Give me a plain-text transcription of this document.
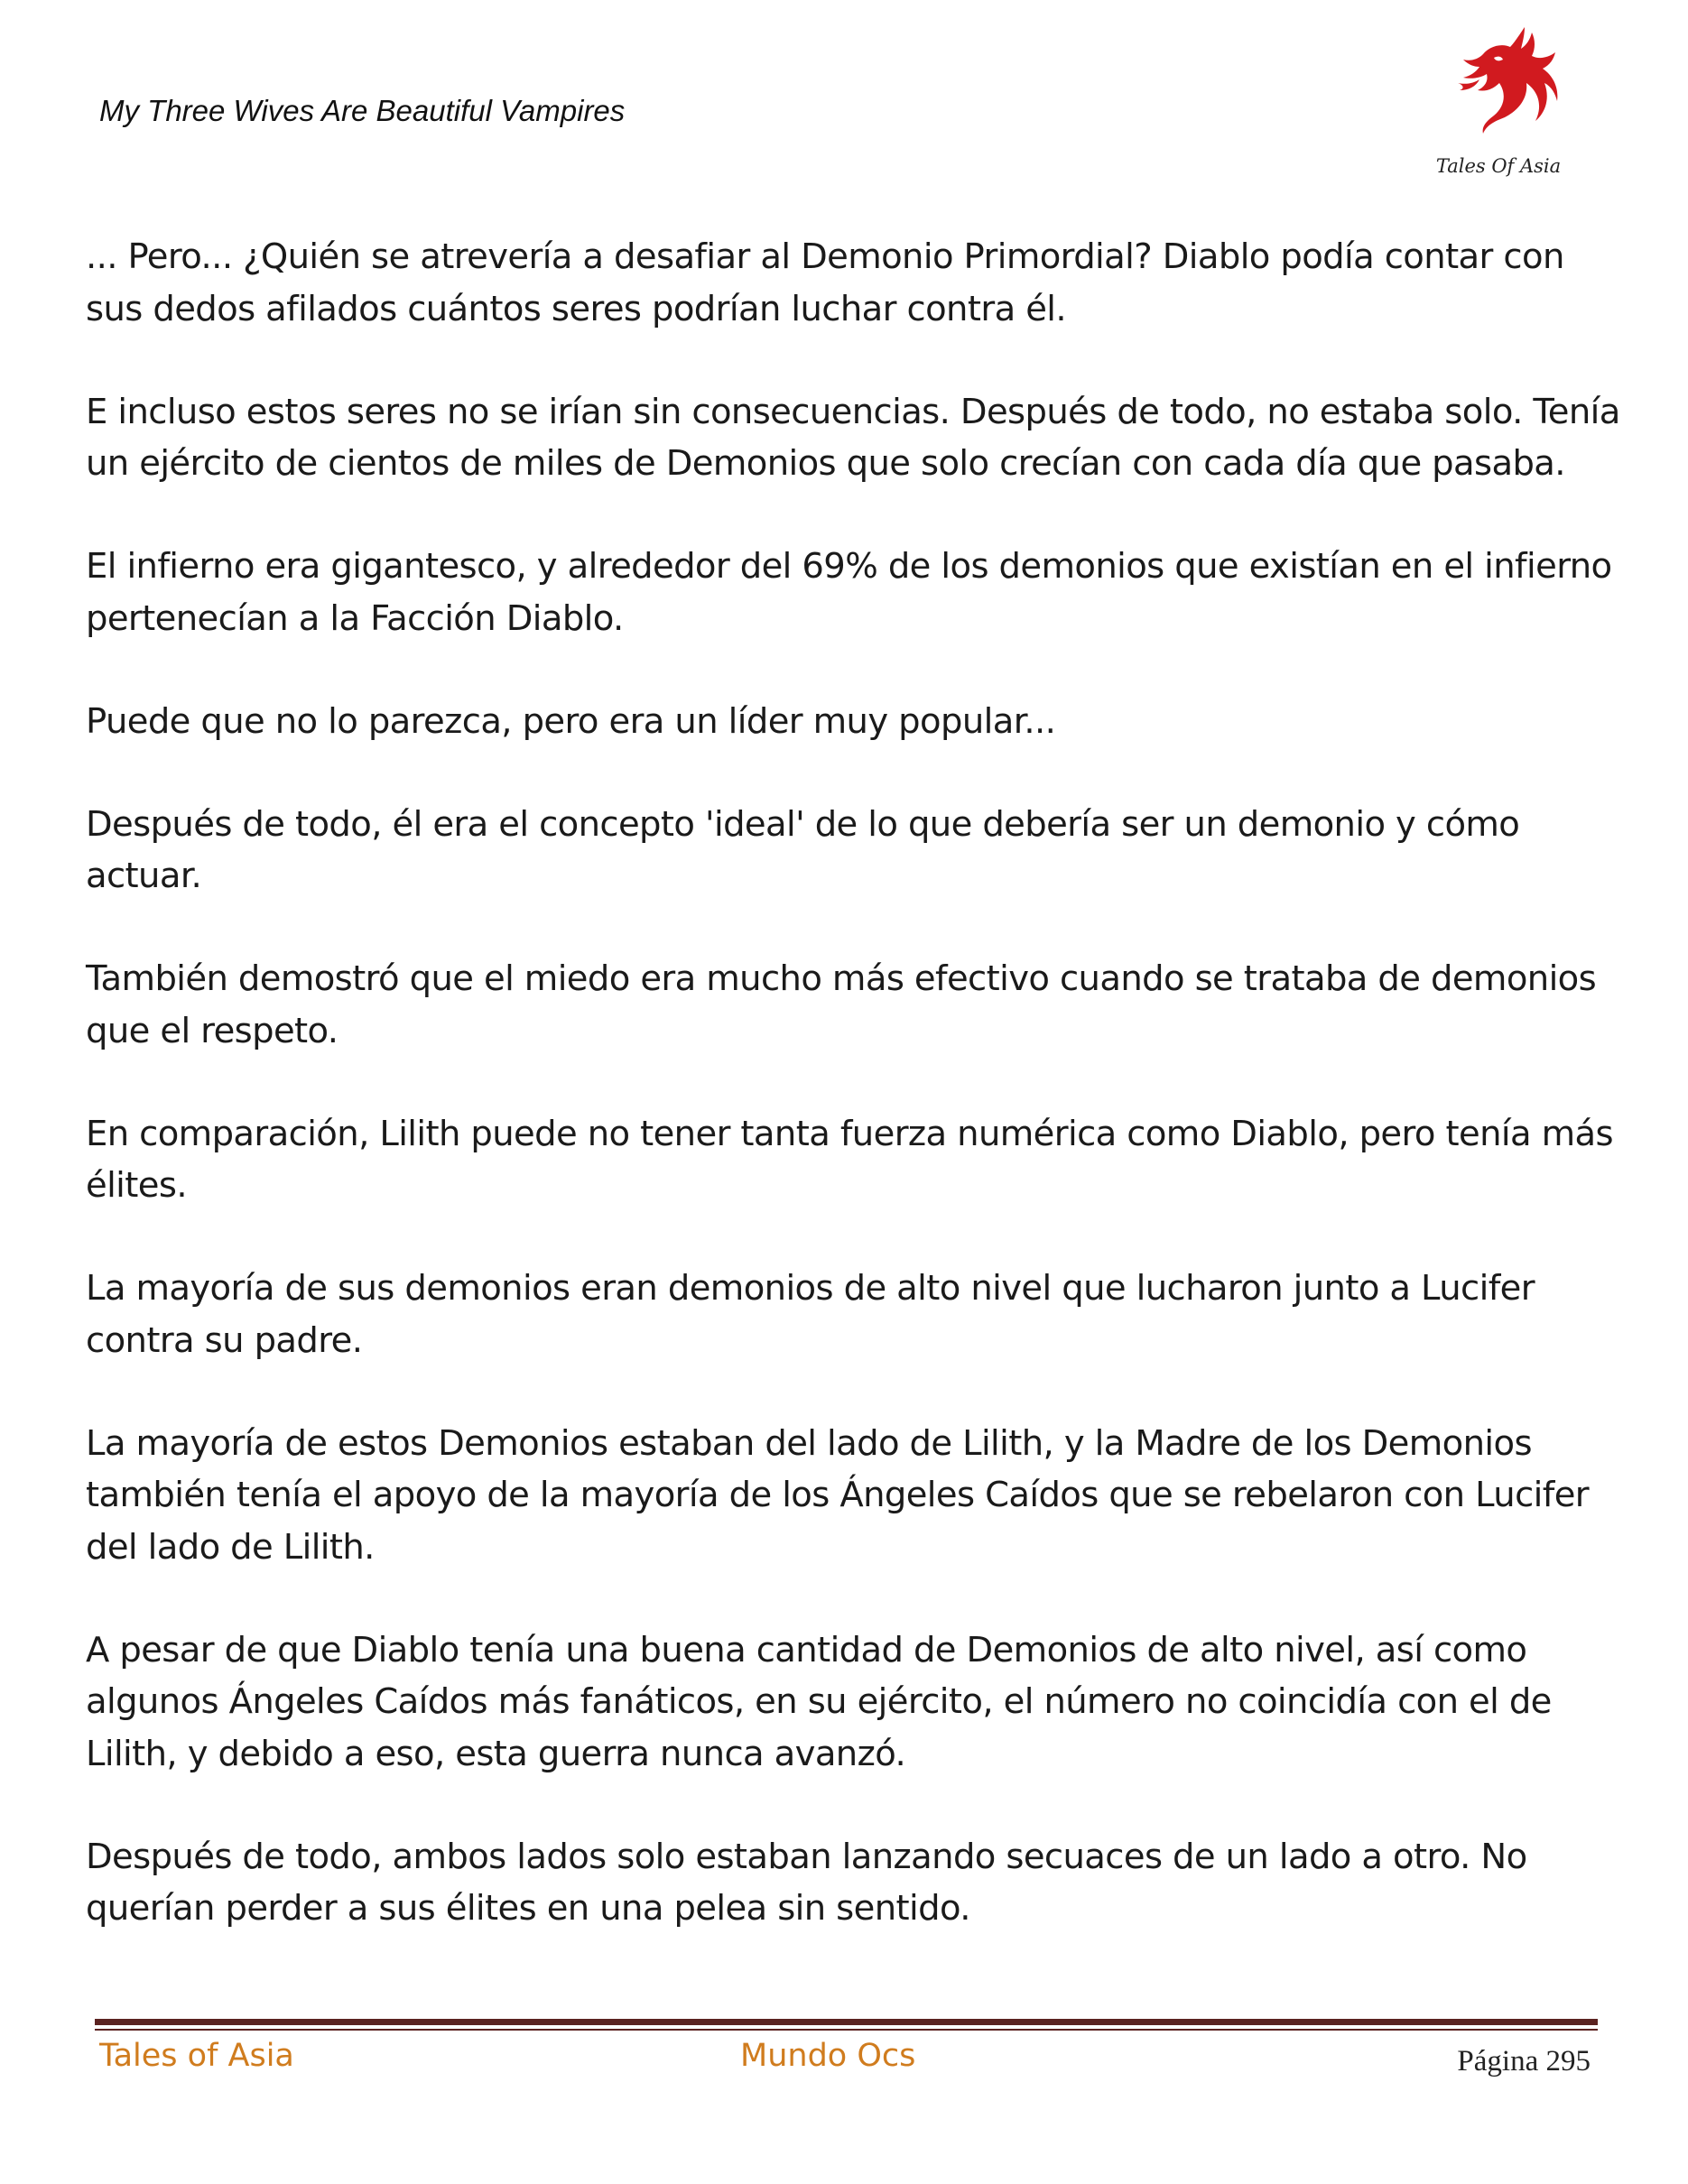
My Three Wives Are Beautiful Vampires
Tales Of Asia

... Pero... ¿Quién se atrevería a desafiar al Demonio Primordial? Diablo podía contar con sus dedos afilados cuántos seres podrían luchar contra él.

E incluso estos seres no se irían sin consecuencias. Después de todo, no estaba solo. Tenía un ejército de cientos de miles de Demonios que solo crecían con cada día que pasaba.

El infierno era gigantesco, y alrededor del 69% de los demonios que existían en el infierno pertenecían a la Facción Diablo.

Puede que no lo parezca, pero era un líder muy popular...

Después de todo, él era el concepto 'ideal' de lo que debería ser un demonio y cómo actuar.

También demostró que el miedo era mucho más efectivo cuando se trataba de demonios que el respeto.

En comparación, Lilith puede no tener tanta fuerza numérica como Diablo, pero tenía más élites.

La mayoría de sus demonios eran demonios de alto nivel que lucharon junto a Lucifer contra su padre.

La mayoría de estos Demonios estaban del lado de Lilith, y la Madre de los Demonios también tenía el apoyo de la mayoría de los Ángeles Caídos que se rebelaron con Lucifer del lado de Lilith.

A pesar de que Diablo tenía una buena cantidad de Demonios de alto nivel, así como algunos Ángeles Caídos más fanáticos, en su ejército, el número no coincidía con el de Lilith, y debido a eso, esta guerra nunca avanzó.

Después de todo, ambos lados solo estaban lanzando secuaces de un lado a otro. No querían perder a sus élites en una pelea sin sentido.

Tales of Asia	Mundo Ocs	Página 295
